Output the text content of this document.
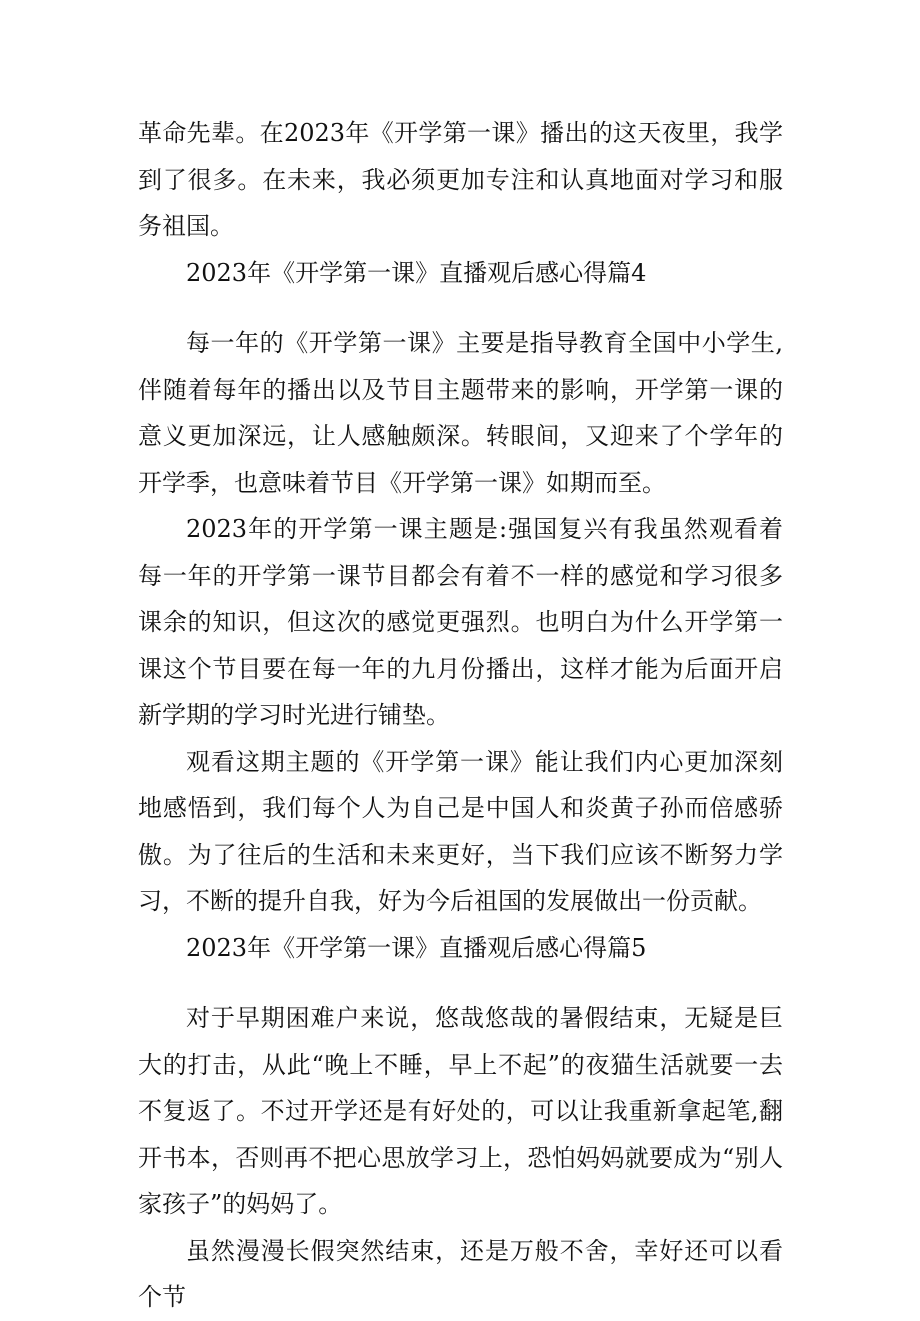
革命先辈。在2023年《开学第一课》播出的这天夜里，我学到了很多。在未来，我必须更加专注和认真地面对学习和服务祖国。

2023年《开学第一课》直播观后感心得篇4

每一年的《开学第一课》主要是指导教育全国中小学生,伴随着每年的播出以及节目主题带来的影响，开学第一课的意义更加深远，让人感触颇深。转眼间，又迎来了个学年的开学季，也意味着节目《开学第一课》如期而至。

2023年的开学第一课主题是:强国复兴有我虽然观看着每一年的开学第一课节目都会有着不一样的感觉和学习很多课余的知识，但这次的感觉更强烈。也明白为什么开学第一课这个节目要在每一年的九月份播出，这样才能为后面开启新学期的学习时光进行铺垫。

观看这期主题的《开学第一课》能让我们内心更加深刻地感悟到，我们每个人为自己是中国人和炎黄子孙而倍感骄傲。为了往后的生活和未来更好，当下我们应该不断努力学习，不断的提升自我，好为今后祖国的发展做出一份贡献。

2023年《开学第一课》直播观后感心得篇5

对于早期困难户来说，悠哉悠哉的暑假结束，无疑是巨大的打击，从此“晚上不睡，早上不起”的夜猫生活就要一去不复返了。不过开学还是有好处的，可以让我重新拿起笔,翻开书本，否则再不把心思放学习上，恐怕妈妈就要成为“别人家孩子”的妈妈了。

虽然漫漫长假突然结束，还是万般不舍，幸好还可以看个节
